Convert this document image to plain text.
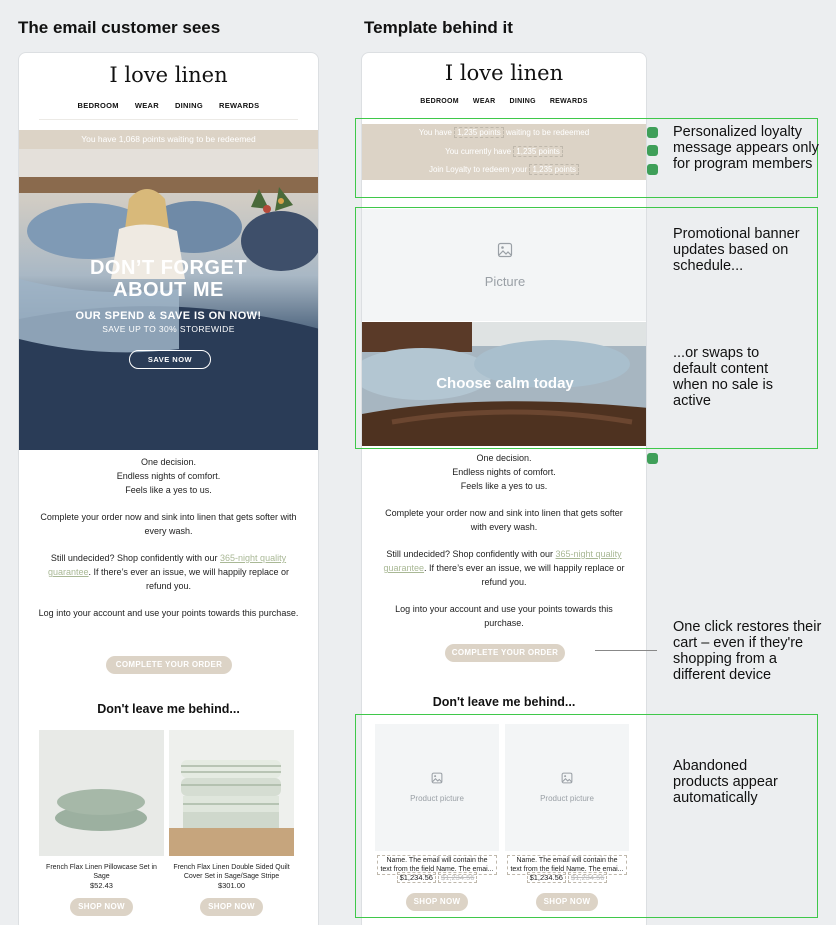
The email customer sees	Template behind it
I love linen
BEDROOM WEAR DINING REWARDS
You have 1,068 points waiting to be redeemed
DON’T FORGET
ABOUT ME
OUR SPEND & SAVE IS ON NOW!
SAVE UP TO 30% STOREWIDE
SAVE NOW

One decision.
Endless nights of comfort.
Feels like a yes to us.

Complete your order now and sink into linen that gets softer with every wash.

Still undecided? Shop confidently with our 365-night quality guarantee. If there’s ever an issue, we will happily replace or refund you.

Log into your account and use your points towards this purchase.

COMPLETE YOUR ORDER
Don't leave me behind...
French Flax Linen Pillowcase Set in Sage
$52.43
French Flax Linen Double Sided Quilt Cover Set in Sage/Sage Stripe
$301.00
SHOP NOW	SHOP NOW
I love linen
BEDROOM WEAR DINING REWARDS
You have 1,235 points waiting to be redeemed
You currently have 1,235 points
Join Loyalty to redeem your 1,235 points
Picture
Choose calm today

One decision.
Endless nights of comfort.
Feels like a yes to us.

Complete your order now and sink into linen that gets softer with every wash.

Still undecided? Shop confidently with our 365-night quality guarantee. If there’s ever an issue, we will happily replace or refund you.

Log into your account and use your points towards this purchase.

COMPLETE YOUR ORDER
Don't leave me behind...
Product picture	Product picture
Name. The email will contain the text from the field Name. The emai...
Name. The email will contain the text from the field Name. The emai...
$1,234.56 $1,234.56	$1,234.56 $1,234.56
SHOP NOW	SHOP NOW
Personalized loyalty message appears only for program members
Promotional banner updates based on schedule...
...or swaps to default content when no sale is active
One click restores their cart – even if they're shopping from a different device
Abandoned products appear automatically
